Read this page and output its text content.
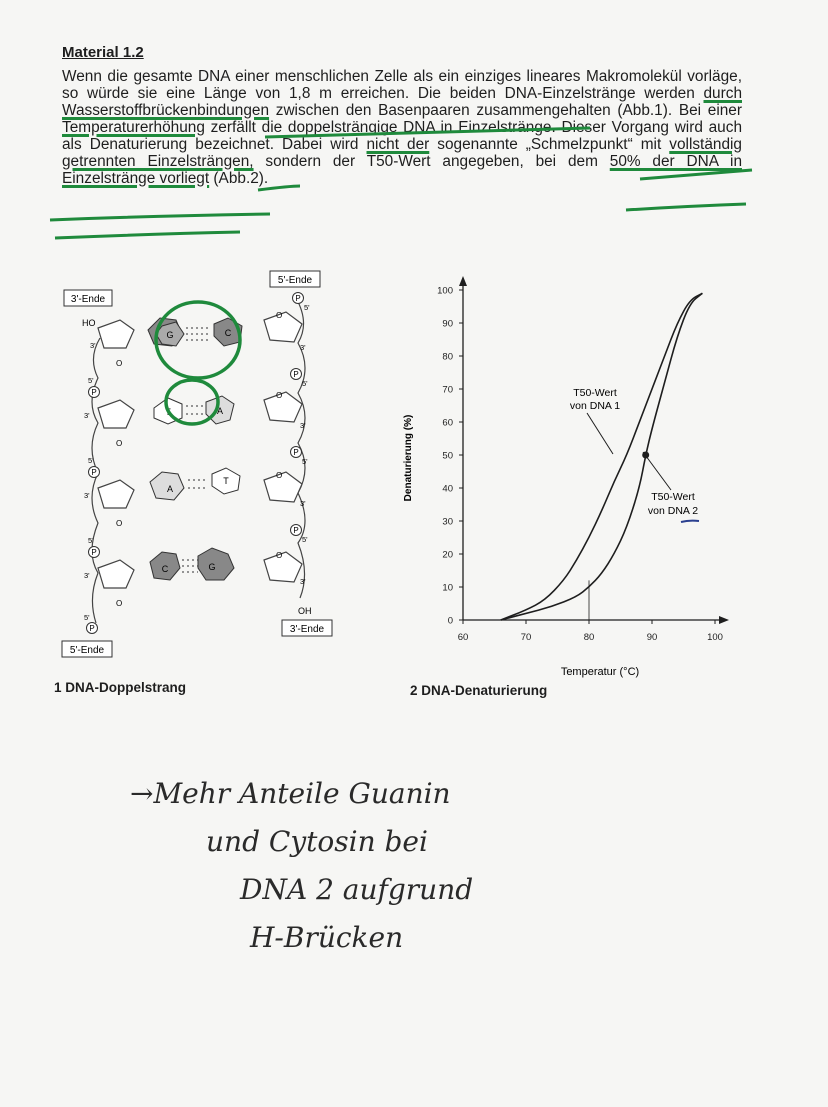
Material 1.2
Wenn die gesamte DNA einer menschlichen Zelle als ein einziges lineares Makromolekül vorläge, so würde sie eine Länge von 1,8 m erreichen. Die beiden DNA-Einzelstränge werden durch Wasserstoffbrückenbindungen zwischen den Basenpaaren zusammengehalten (Abb.1). Bei einer Temperaturerhöhung zerfällt die doppelsträngige DNA in Einzelstränge. Dieser Vorgang wird auch als Denaturierung bezeichnet. Dabei wird nicht der sogenannte „Schmelzpunkt“ mit vollständig getrennten Einzelsträngen, sondern der T50-Wert angegeben, bei dem 50% der DNA in Einzelstränge vorliegt (Abb.2).
3'-Ende
5'-Ende
HO
OH
3'-Ende
5'-Ende
P
P
P
P
P
P
P
P
O
O
O
O
O
O
O
O
3'
5'
3'
5'
3'
5'
3'
5'
5'
3'
5'
3'
5'
3'
5'
3'
G	C
T	A
A
T
C	G
1 DNA-Doppelstrang
0
10
20
30
40
50
60
70
80
90
100
60	70	80	90	100
Denaturierung (%)
Temperatur (°C)
T50-Wert
von DNA 1
T50-Wert
von DNA 2
2 DNA-Denaturierung
→Mehr Anteile Guanin
und Cytosin bei
DNA 2 aufgrund
H-Brücken
